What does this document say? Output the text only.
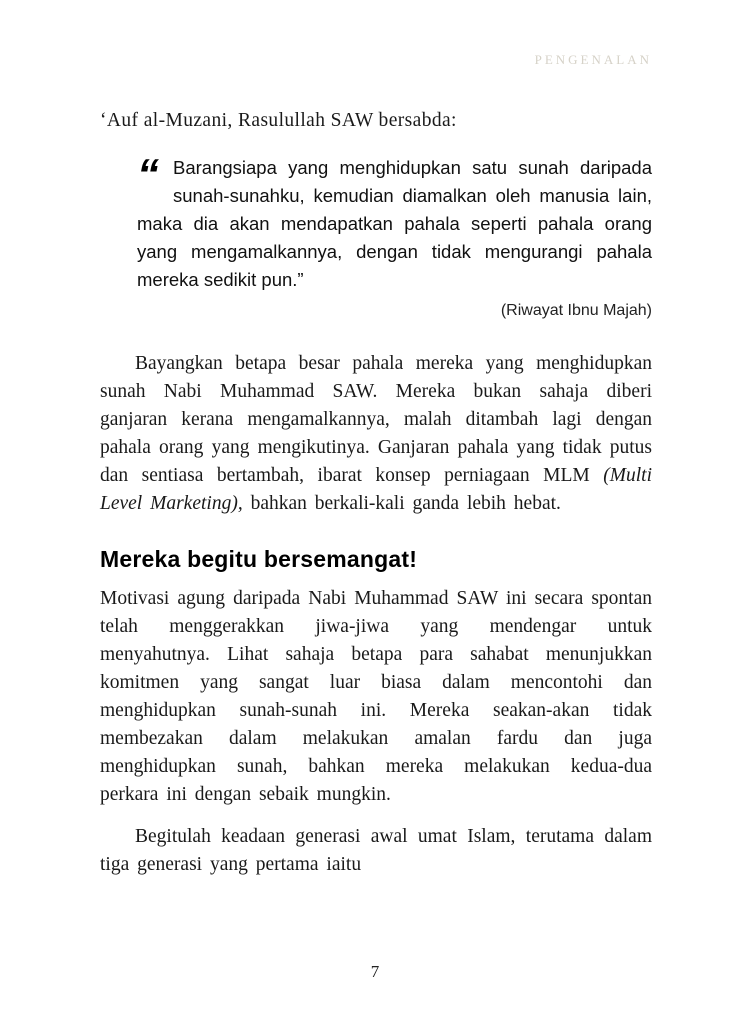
PENGENALAN
‘Auf al-Muzani, Rasulullah SAW bersabda:
“ Barangsiapa yang menghidupkan satu sunah daripada sunah-sunahku, kemudian diamalkan oleh manusia lain, maka dia akan mendapatkan pahala seperti pahala orang yang mengamalkannya, dengan tidak mengurangi pahala mereka sedikit pun.”
(Riwayat Ibnu Majah)

Bayangkan betapa besar pahala mereka yang menghidupkan sunah Nabi Muhammad SAW. Mereka bukan sahaja diberi ganjaran kerana mengamalkannya, malah ditambah lagi dengan pahala orang yang mengikutinya. Ganjaran pahala yang tidak putus dan sentiasa bertambah, ibarat konsep perniagaan MLM (Multi Level Marketing), bahkan berkali-kali ganda lebih hebat.

Mereka begitu bersemangat!

Motivasi agung daripada Nabi Muhammad SAW ini secara spontan telah menggerakkan jiwa-jiwa yang mendengar untuk menyahutnya. Lihat sahaja betapa para sahabat menunjukkan komitmen yang sangat luar biasa dalam mencontohi dan menghidupkan sunah-sunah ini. Mereka seakan-akan tidak membezakan dalam melakukan amalan fardu dan juga menghidupkan sunah, bahkan mereka melakukan kedua-dua perkara ini dengan sebaik mungkin.

Begitulah keadaan generasi awal umat Islam, terutama dalam tiga generasi yang pertama iaitu

7
